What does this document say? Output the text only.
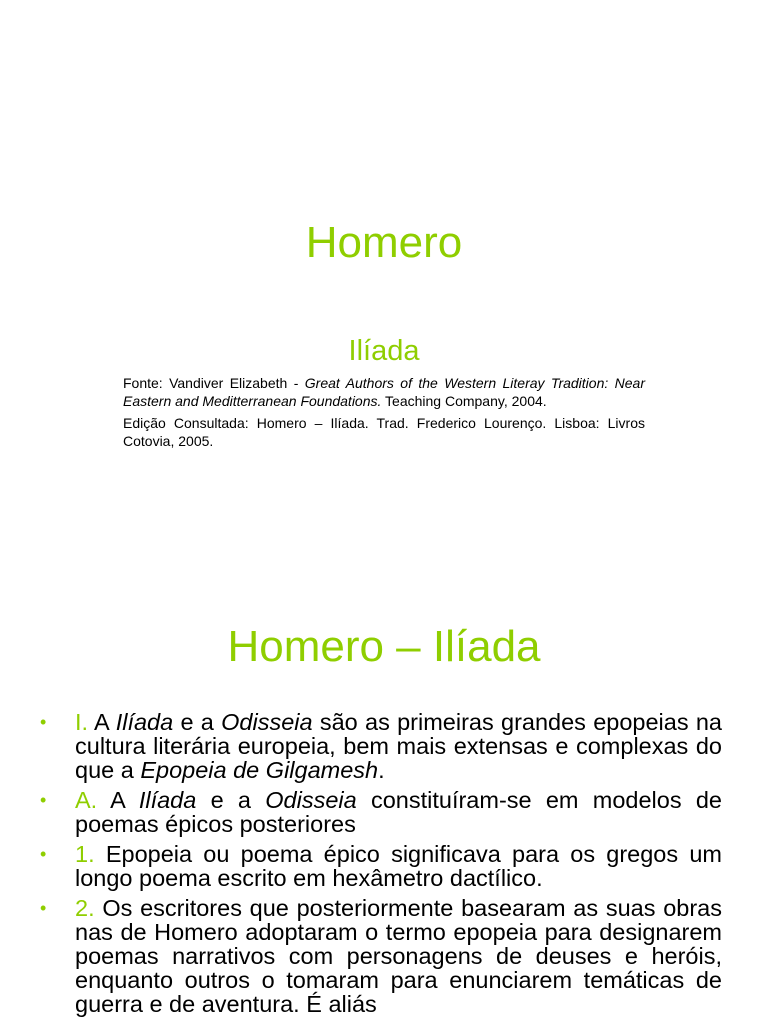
Homero
Ilíada

Fonte: Vandiver Elizabeth - Great Authors of the Western Literay Tradition: Near Eastern and Meditterranean Foundations. Teaching Company, 2004.

Edição Consultada: Homero – Ilíada. Trad. Frederico Lourenço. Lisboa: Livros Cotovia, 2005.

Homero – Ilíada
• I. A Ilíada e a Odisseia são as primeiras grandes epopeias na cultura literária europeia, bem mais extensas e complexas do que a Epopeia de Gilgamesh.
• A. A Ilíada e a Odisseia constituíram-se em modelos de poemas épicos posteriores
• 1. Epopeia ou poema épico significava para os gregos um longo poema escrito em hexâmetro dactílico.
• 2. Os escritores que posteriormente basearam as suas obras nas de Homero adoptaram o termo epopeia para designarem poemas narrativos com personagens de deuses e heróis, enquanto outros o tomaram para enunciarem temáticas de guerra e de aventura. É aliás
